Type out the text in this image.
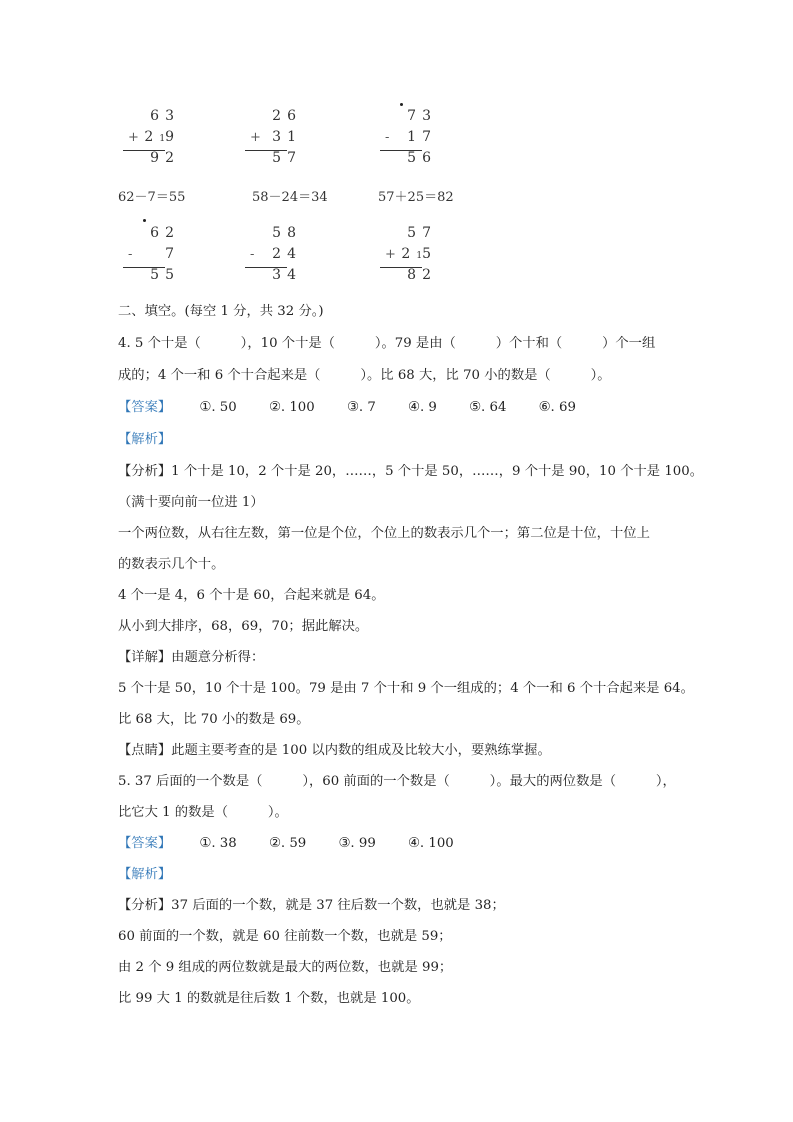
63
+ 219
92
26
+ 31
57
73
- 17
56
62－7＝55	58－24＝34	57＋25＝82
62
- 7
55
58
- 24
34
57
+ 215
82
二、填空。(每空 1 分，共 32 分。)
4. 5 个十是（　　　），10 个十是（　　　）。79 是由（　　　）个十和（　　　）个一组
成的；4 个一和 6 个十合起来是（　　　）。比 68 大，比 70 小的数是（　　　）。
【答案】 ①. 50 ②. 100 ③. 7 ④. 9 ⑤. 64 ⑥. 69
【解析】
【分析】1 个十是 10，2 个十是 20，……，5 个十是 50，……，9 个十是 90，10 个十是 100。
（满十要向前一位进 1）
一个两位数，从右往左数，第一位是个位，个位上的数表示几个一；第二位是十位，十位上
的数表示几个十。
4 个一是 4，6 个十是 60，合起来就是 64。
从小到大排序，68，69，70；据此解决。
【详解】由题意分析得：
5 个十是 50，10 个十是 100。79 是由 7 个十和 9 个一组成的；4 个一和 6 个十合起来是 64。
比 68 大，比 70 小的数是 69。
【点睛】此题主要考查的是 100 以内数的组成及比较大小，要熟练掌握。
5. 37 后面的一个数是（　　　），60 前面的一个数是（　　　）。最大的两位数是（　　　），
比它大 1 的数是（　　　）。
【答案】 ①. 38 ②. 59 ③. 99 ④. 100
【解析】
【分析】37 后面的一个数，就是 37 往后数一个数，也就是 38；
60 前面的一个数，就是 60 往前数一个数，也就是 59；
由 2 个 9 组成的两位数就是最大的两位数，也就是 99；
比 99 大 1 的数就是往后数 1 个数，也就是 100。
